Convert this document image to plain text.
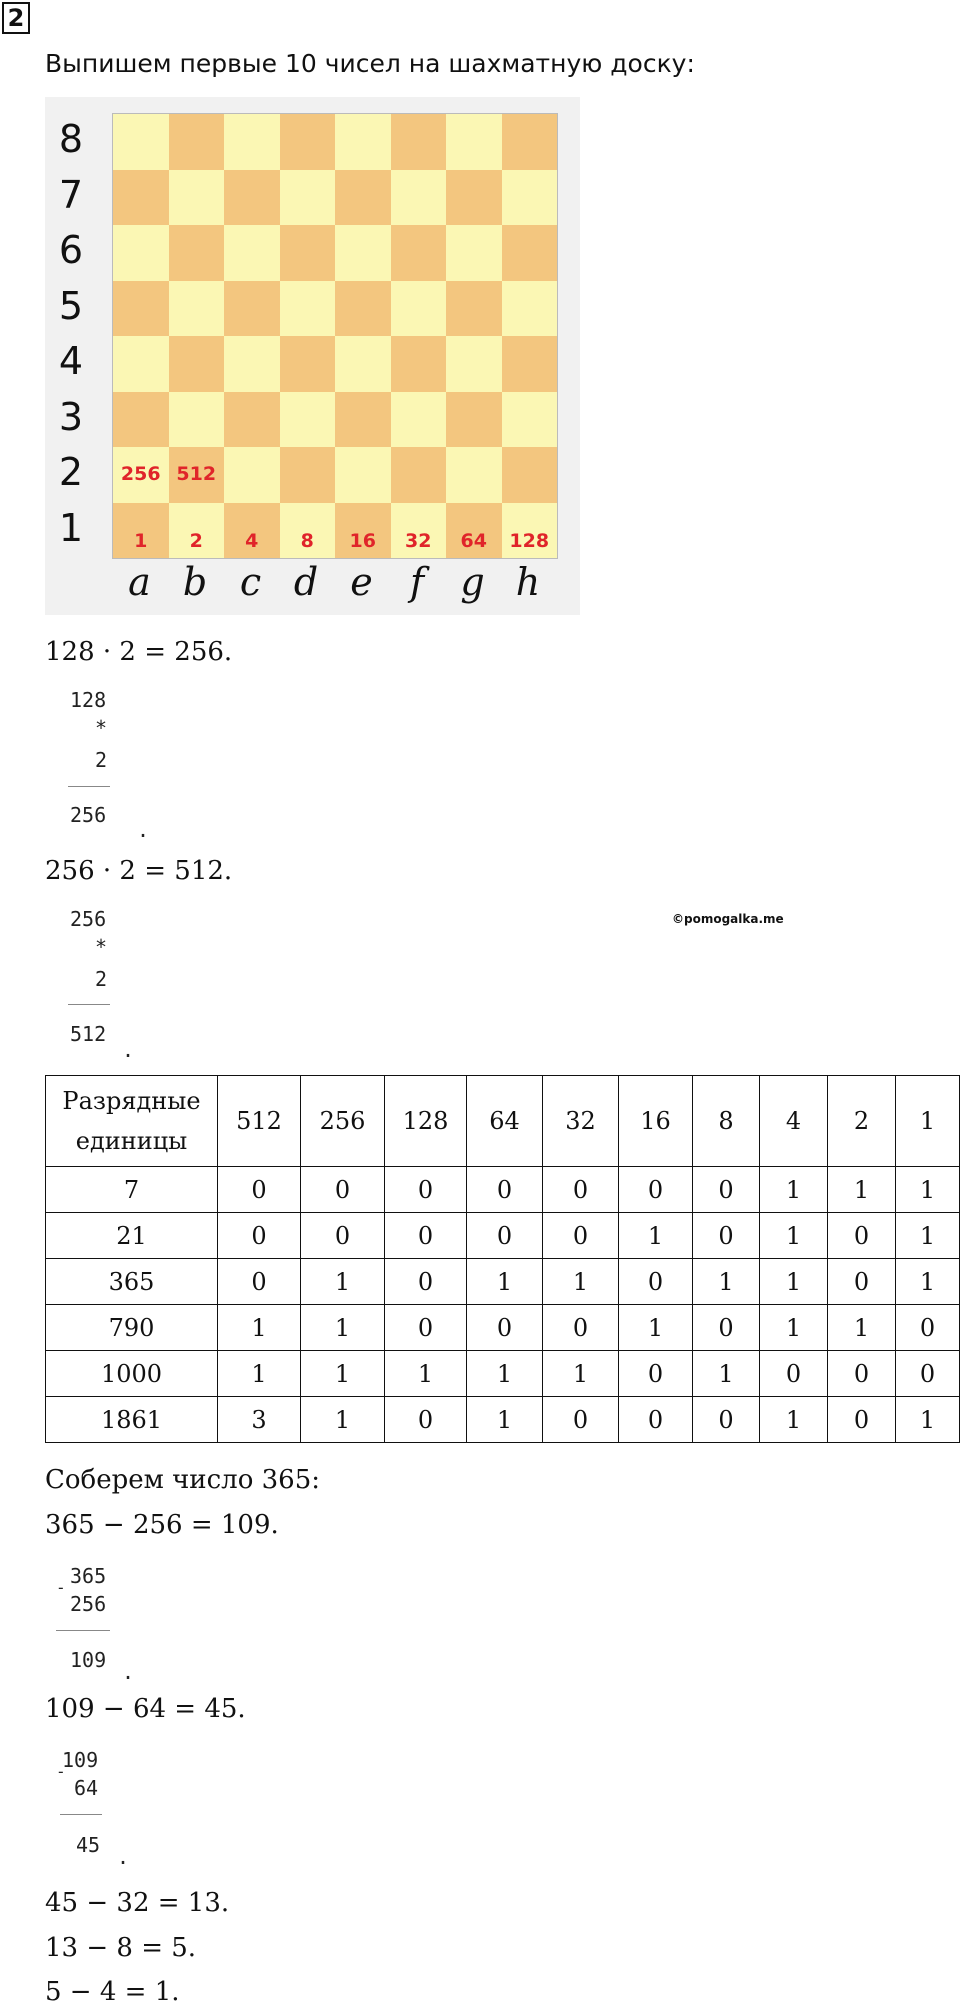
2
Выпишем первые 10 чисел на шахматную доску:
1	2	4	8	16	32	64	128
256 512
8
7
6
5
4
3
2
1
a b c d e f g h
128 · 2 = 256.
128
*
2
256
.
256 · 2 = 512.
256
*
2
512
.
©pomogalka.me
Разрядные
единицы	512	256	128	64	32	16	8	4	2	1
7	0	0	0	0	0	0	0	1	1	1
21	0	0	0	0	0	1	0	1	0	1
365	0	1	0	1	1	0	1	1	0	1
790	1	1	0	0	0	1	0	1	1	0
1000	1	1	1	1	1	0	1	0	0	0
1861	3	1	0	1	0	0	0	1	0	1
Соберем число 365:
365 − 256 = 109.
- 365
256
109 .
109 − 64 = 45.
-
109
64
45 .
45 − 32 = 13.
13 − 8 = 5.
5 − 4 = 1.
